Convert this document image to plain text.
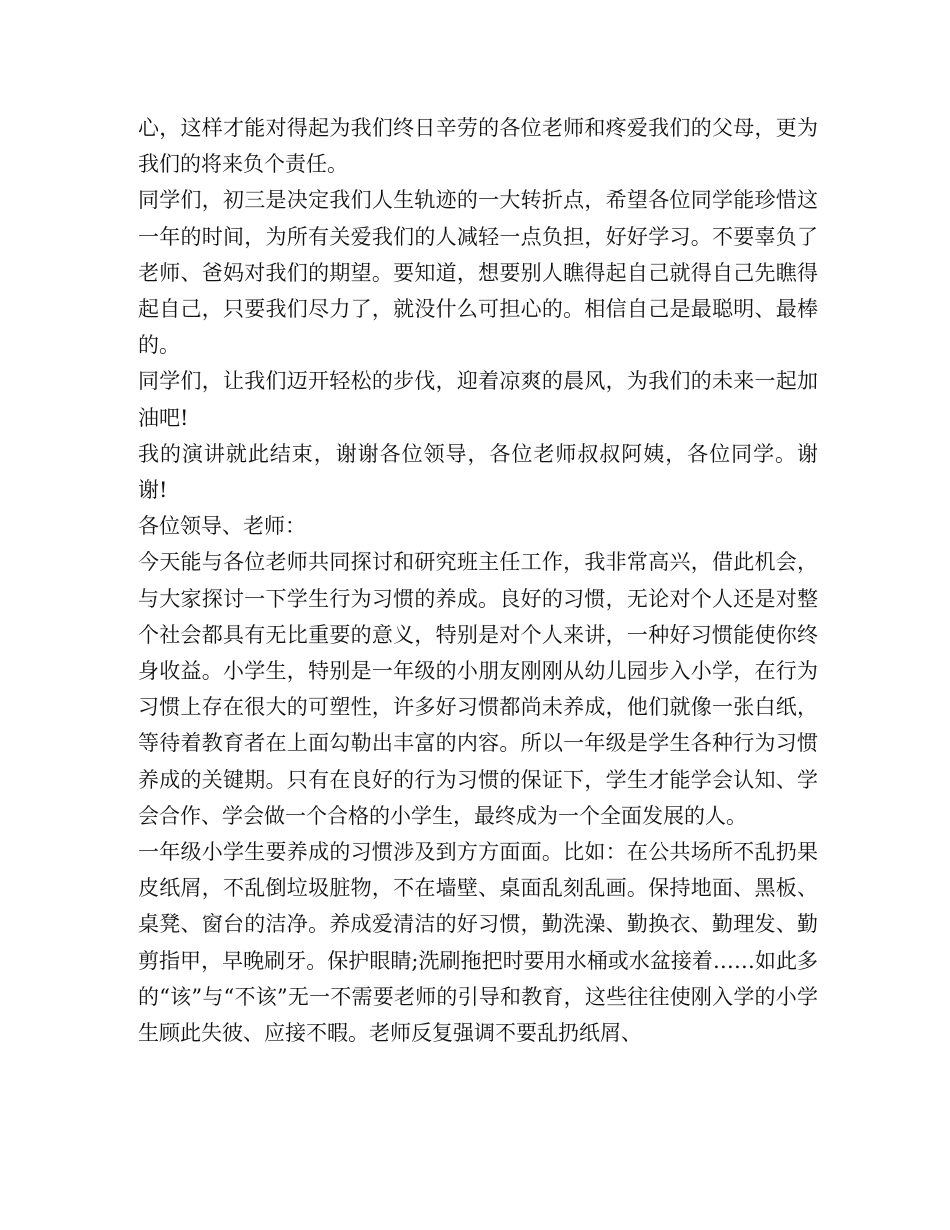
心，这样才能对得起为我们终日辛劳的各位老师和疼爱我们的父母，更为我们的将来负个责任。

同学们，初三是决定我们人生轨迹的一大转折点，希望各位同学能珍惜这一年的时间，为所有关爱我们的人减轻一点负担，好好学习。不要辜负了老师、爸妈对我们的期望。要知道，想要别人瞧得起自己就得自己先瞧得起自己，只要我们尽力了，就没什么可担心的。相信自己是最聪明、最棒的。

同学们，让我们迈开轻松的步伐，迎着凉爽的晨风，为我们的未来一起加油吧!

我的演讲就此结束，谢谢各位领导，各位老师叔叔阿姨，各位同学。谢谢!

各位领导、老师：

今天能与各位老师共同探讨和研究班主任工作，我非常高兴，借此机会，与大家探讨一下学生行为习惯的养成。良好的习惯，无论对个人还是对整个社会都具有无比重要的意义，特别是对个人来讲，一种好习惯能使你终身收益。小学生，特别是一年级的小朋友刚刚从幼儿园步入小学，在行为习惯上存在很大的可塑性，许多好习惯都尚未养成，他们就像一张白纸，等待着教育者在上面勾勒出丰富的内容。所以一年级是学生各种行为习惯养成的关键期。只有在良好的行为习惯的保证下，学生才能学会认知、学会合作、学会做一个合格的小学生，最终成为一个全面发展的人。

一年级小学生要养成的习惯涉及到方方面面。比如：在公共场所不乱扔果皮纸屑，不乱倒垃圾脏物，不在墙壁、桌面乱刻乱画。保持地面、黑板、桌凳、窗台的洁净。养成爱清洁的好习惯，勤洗澡、勤换衣、勤理发、勤剪指甲，早晚刷牙。保护眼睛;洗刷拖把时要用水桶或水盆接着……如此多的“该”与“不该”无一不需要老师的引导和教育，这些往往使刚入学的小学生顾此失彼、应接不暇。老师反复强调不要乱扔纸屑、
